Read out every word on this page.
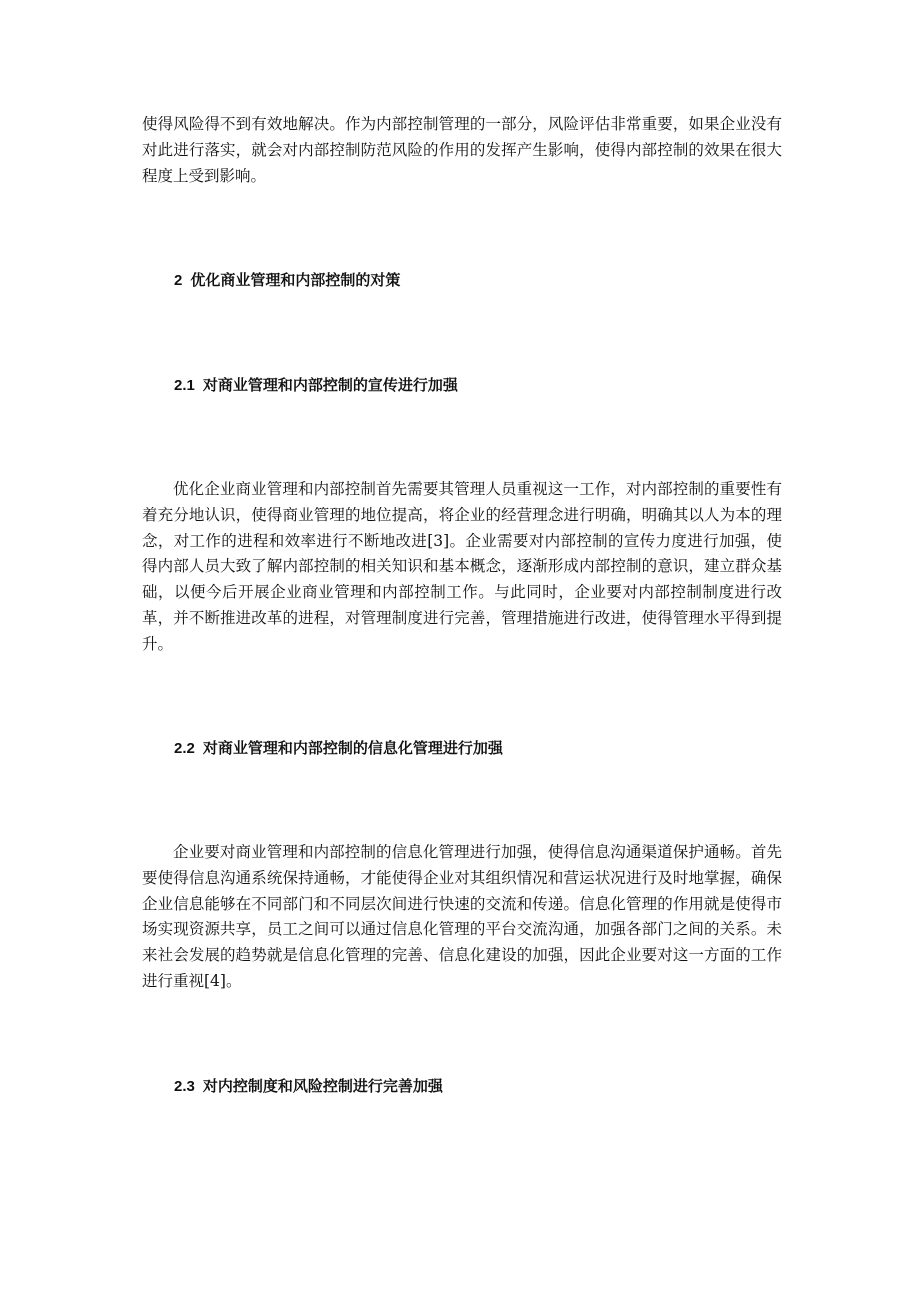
使得风险得不到有效地解决。作为内部控制管理的一部分，风险评估非常重要，如果企业没有对此进行落实，就会对内部控制防范风险的作用的发挥产生影响，使得内部控制的效果在很大程度上受到影响。

2 优化商业管理和内部控制的对策
2.1 对商业管理和内部控制的宣传进行加强

优化企业商业管理和内部控制首先需要其管理人员重视这一工作，对内部控制的重要性有着充分地认识，使得商业管理的地位提高，将企业的经营理念进行明确，明确其以人为本的理念，对工作的进程和效率进行不断地改进[3]。企业需要对内部控制的宣传力度进行加强，使得内部人员大致了解内部控制的相关知识和基本概念，逐渐形成内部控制的意识，建立群众基础，以便今后开展企业商业管理和内部控制工作。与此同时，企业要对内部控制制度进行改革，并不断推进改革的进程，对管理制度进行完善，管理措施进行改进，使得管理水平得到提升。

2.2 对商业管理和内部控制的信息化管理进行加强

企业要对商业管理和内部控制的信息化管理进行加强，使得信息沟通渠道保护通畅。首先要使得信息沟通系统保持通畅，才能使得企业对其组织情况和营运状况进行及时地掌握，确保企业信息能够在不同部门和不同层次间进行快速的交流和传递。信息化管理的作用就是使得市场实现资源共享，员工之间可以通过信息化管理的平台交流沟通，加强各部门之间的关系。未来社会发展的趋势就是信息化管理的完善、信息化建设的加强，因此企业要对这一方面的工作进行重视[4]。

2.3 对内控制度和风险控制进行完善加强
